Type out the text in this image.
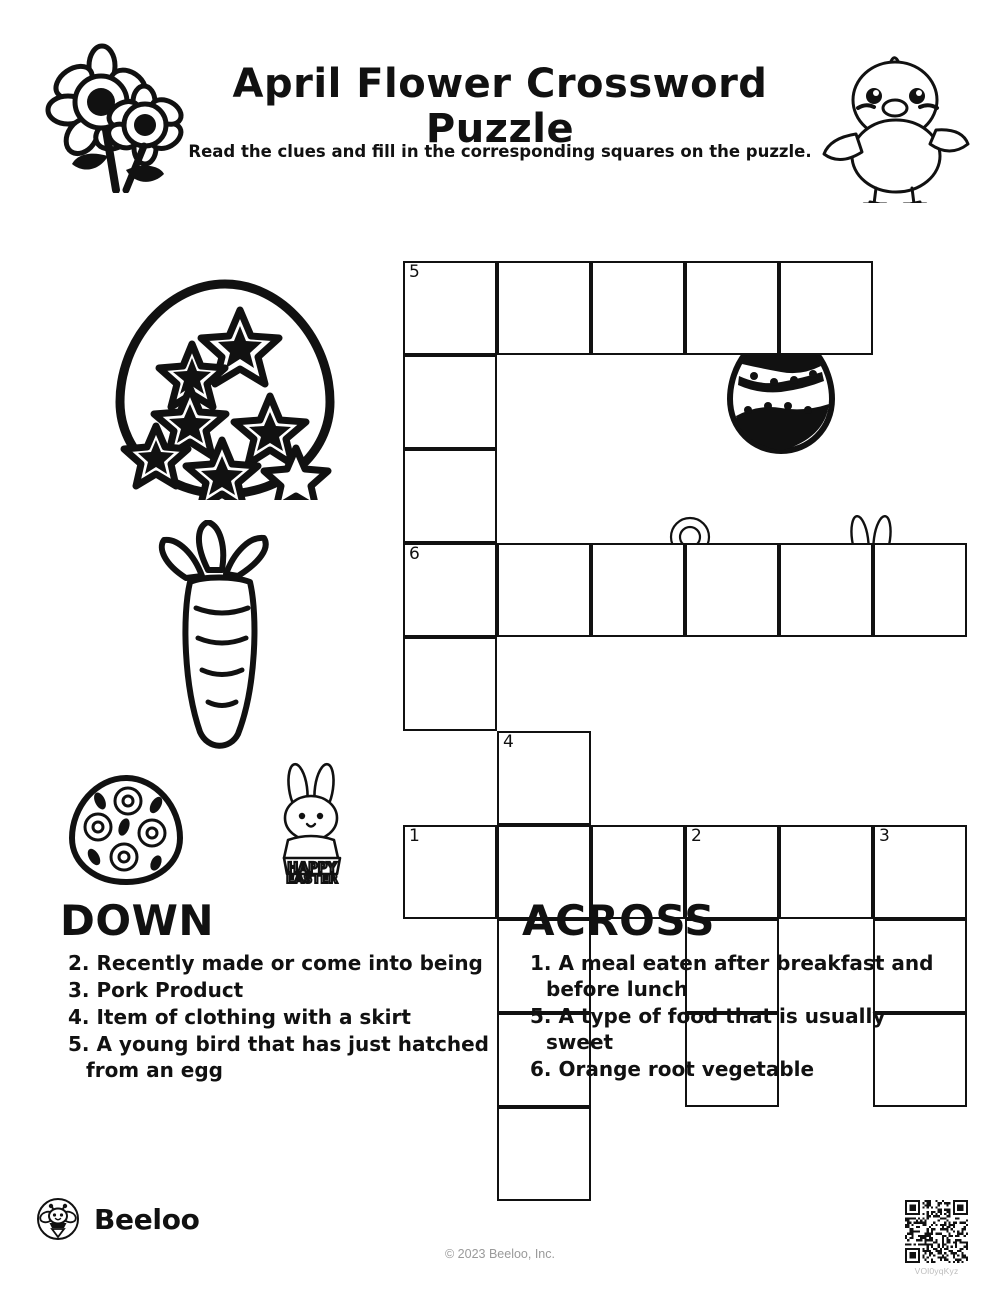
April Flower Crossword Puzzle
Read the clues and fill in the corresponding squares on the puzzle.
HAPPY
EASTER
5
6
4
1	2	3
DOWN
2. Recently made or come into being
3. Pork Product
4. Item of clothing with a skirt
5. A young bird that has just hatched from an egg
ACROSS
1. A meal eaten after breakfast and before lunch
5. A type of food that is usually sweet
6. Orange root vegetable
Beeloo
© 2023 Beeloo, Inc.
VOl0yqKyz
